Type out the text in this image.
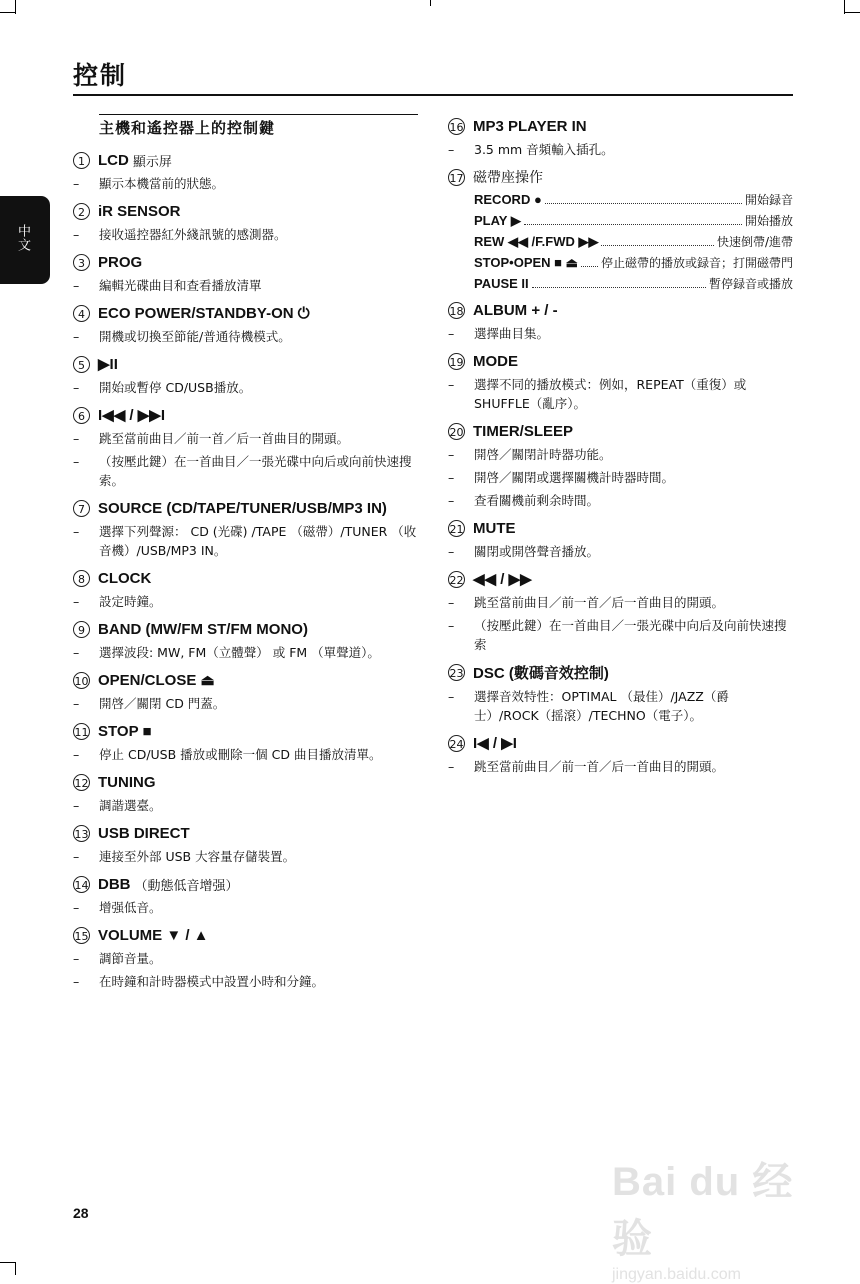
控制
中文
主機和遙控器上的控制鍵
1 LCD 顯示屏
–	顯示本機當前的狀態。
2 iR SENSOR
–	接收遥控器紅外綫訊號的感測器。
3 PROG
–	編輯光碟曲目和查看播放清單
4 ECO POWER/STANDBY-ON ⏻
–	開機或切換至節能/普通待機模式。
5 ▶II
–	開始或暫停 CD/USB播放。
6 I◀◀ / ▶▶I
–	跳至當前曲目／前一首／后一首曲目的開頭。
–	（按壓此鍵）在一首曲目／一張光碟中向后或向前快速搜索。
7 SOURCE (CD/TAPE/TUNER/USB/MP3 IN)
–	選擇下列聲源： CD (光碟) /TAPE （磁帶）/TUNER （收音機）/USB/MP3 IN。
8 CLOCK
–	設定時鐘。
9 BAND (MW/FM ST/FM MONO)
–	選擇波段: MW, FM（立體聲） 或 FM （單聲道）。
10 OPEN/CLOSE ⏏
–	開啓／關閉 CD 門蓋。
11 STOP ■
–	停止 CD/USB 播放或刪除一個 CD 曲目播放清單。
12 TUNING
–	調諧選臺。
13 USB DIRECT
–	連接至外部 USB 大容量存儲裝置。
14 DBB （動態低音增强）
–	增强低音。
15 VOLUME ▼ / ▲
–	調節音量。
–	在時鐘和計時器模式中設置小時和分鐘。
16 MP3 PLAYER IN
–	3.5 mm 音頻輸入插孔。
17 磁帶座操作
RECORD ●	開始録音
PLAY ▶	開始播放
REW ◀◀ /F.FWD ▶▶	快速倒帶/進帶
STOP•OPEN ■ ⏏ 停止磁帶的播放或録音；打開磁帶門
PAUSE II	暫停録音或播放
18 ALBUM + / -
–	選擇曲目集。
19 MODE
–	選擇不同的播放模式：例如，REPEAT（重復）或 SHUFFLE（亂序）。
20 TIMER/SLEEP
–	開啓／關閉計時器功能。
–	開啓／關閉或選擇關機計時器時間。
–	查看關機前剩余時間。
21 MUTE
–	關閉或開啓聲音播放。
22 ◀◀ / ▶▶
–	跳至當前曲目／前一首／后一首曲目的開頭。
–	（按壓此鍵）在一首曲目／一張光碟中向后及向前快速搜索
23 DSC (數碼音效控制)
–	選擇音效特性：OPTIMAL （最佳）/JAZZ（爵士）/ROCK（摇滾）/TECHNO（電子）。
24 I◀ / ▶I
–	跳至當前曲目／前一首／后一首曲目的開頭。
28
Bai du 经验
jingyan.baidu.com
